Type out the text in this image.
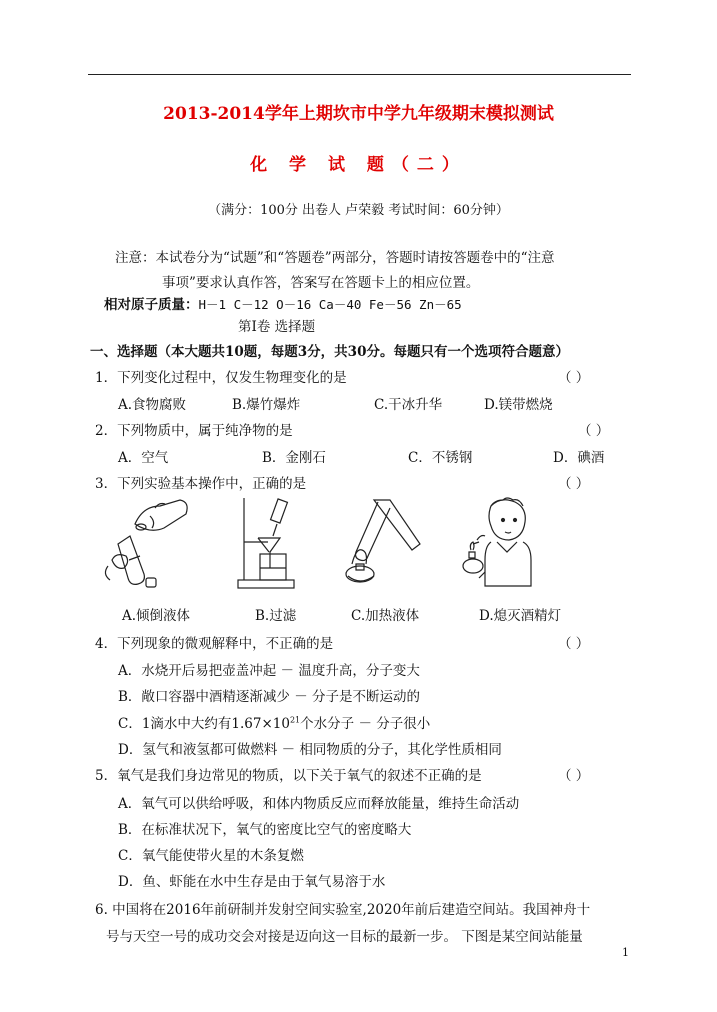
2013-2014学年上期坎市中学九年级期末模拟测试
化 学 试 题（二）
（满分：100分 出卷人 卢荣毅 考试时间：60分钟）
注意：本试卷分为“试题”和“答题卷”两部分，答题时请按答题卷中的“注意
事项”要求认真作答，答案写在答题卡上的相应位置。
相对原子质量：H－1 C－12 O－16 Ca－40 Fe－56 Zn－65
第Ⅰ卷 选择题
一、选择题（本大题共10题，每题3分，共30分。每题只有一个选项符合题意）
1．下列变化过程中，仅发生物理变化的是	（ ）
A.食物腐败	B.爆竹爆炸	C.干冰升华	D.镁带燃烧
2．下列物质中，属于纯净物的是	（ ）
A．空气	B．金刚石	C．不锈钢	D．碘酒
3．下列实验基本操作中，正确的是	（ ）
A.倾倒液体	B.过滤	C.加热液体	D.熄灭酒精灯
4．下列现象的微观解释中，不正确的是	（ ）
A．水烧开后易把壶盖冲起 － 温度升高，分子变大
B．敞口容器中酒精逐渐减少 － 分子是不断运动的
C．1滴水中大约有$1.67\times 10^{21}$个水分子 － 分子很小
D．氢气和液氢都可做燃料 － 相同物质的分子，其化学性质相同
5．氧气是我们身边常见的物质，以下关于氧气的叙述不正确的是	（ ）
A．氧气可以供给呼吸，和体内物质反应而释放能量，维持生命活动
B．在标准状况下，氧气的密度比空气的密度略大
C．氧气能使带火星的木条复燃
D．鱼、虾能在水中生存是由于氧气易溶于水
6. 中国将在2016年前研制并发射空间实验室,2020年前后建造空间站。我国神舟十
号与天空一号的成功交会对接是迈向这一目标的最新一步。 下图是某空间站能量
1
